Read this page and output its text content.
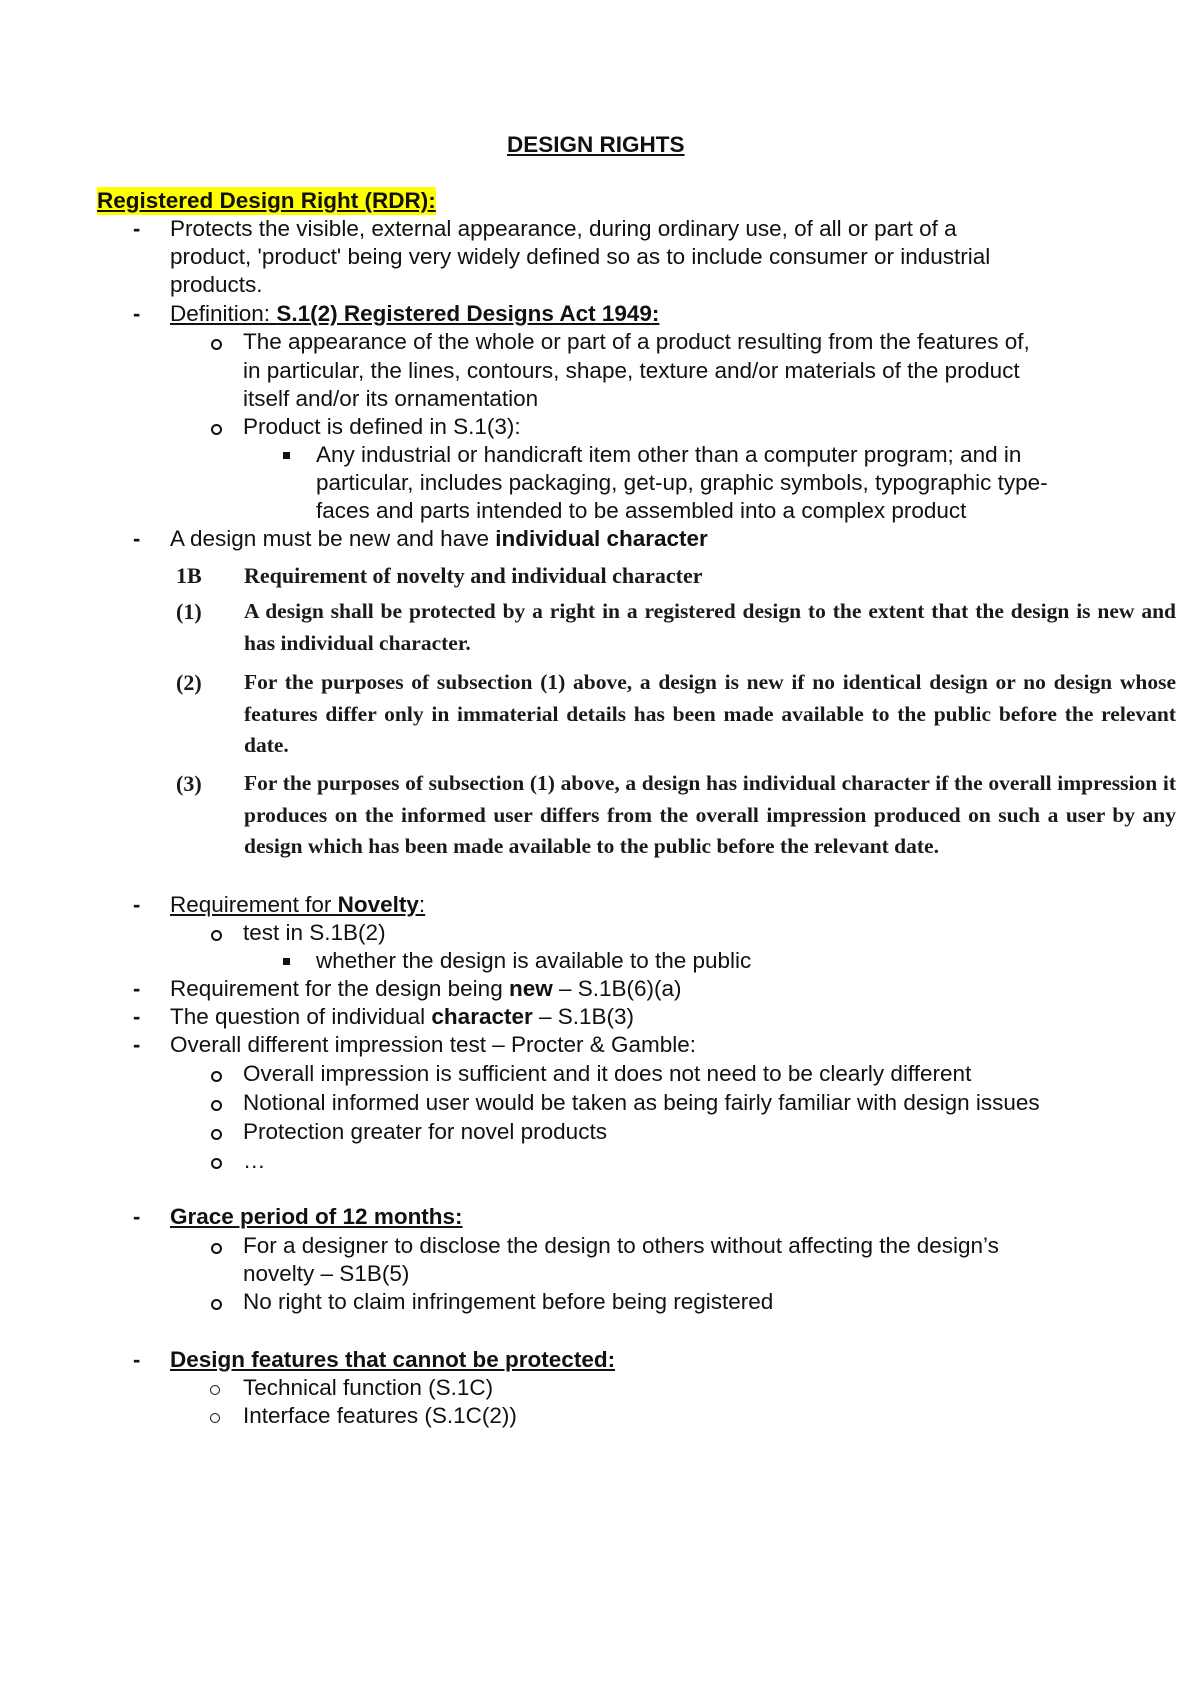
DESIGN RIGHTS
Registered Design Right (RDR):
- Protects the visible, external appearance, during ordinary use, of all or part of a
product, 'product' being very widely defined so as to include consumer or industrial
products.
- Definition: S.1(2) Registered Designs Act 1949:
The appearance of the whole or part of a product resulting from the features of,
in particular, the lines, contours, shape, texture and/or materials of the product
itself and/or its ornamentation
Product is defined in S.1(3):
Any industrial or handicraft item other than a computer program; and in
particular, includes packaging, get-up, graphic symbols, typographic type-
faces and parts intended to be assembled into a complex product
- A design must be new and have individual character
1B Requirement of novelty and individual character
(1) A design shall be protected by a right in a registered design to the extent that the design is new and has individual character.
(2) For the purposes of subsection (1) above, a design is new if no identical design or no design whose features differ only in immaterial details has been made available to the public before the relevant date.
(3) For the purposes of subsection (1) above, a design has individual character if the overall impression it produces on the informed user differs from the overall impression produced on such a user by any design which has been made available to the public before the relevant date.
- Requirement for Novelty:
test in S.1B(2)
whether the design is available to the public
- Requirement for the design being new – S.1B(6)(a)
- The question of individual character – S.1B(3)
- Overall different impression test – Procter & Gamble:
Overall impression is sufficient and it does not need to be clearly different
Notional informed user would be taken as being fairly familiar with design issues
Protection greater for novel products
…
- Grace period of 12 months:
For a designer to disclose the design to others without affecting the design’s
novelty – S1B(5)
No right to claim infringement before being registered
- Design features that cannot be protected:
Technical function (S.1C)
Interface features (S.1C(2))
